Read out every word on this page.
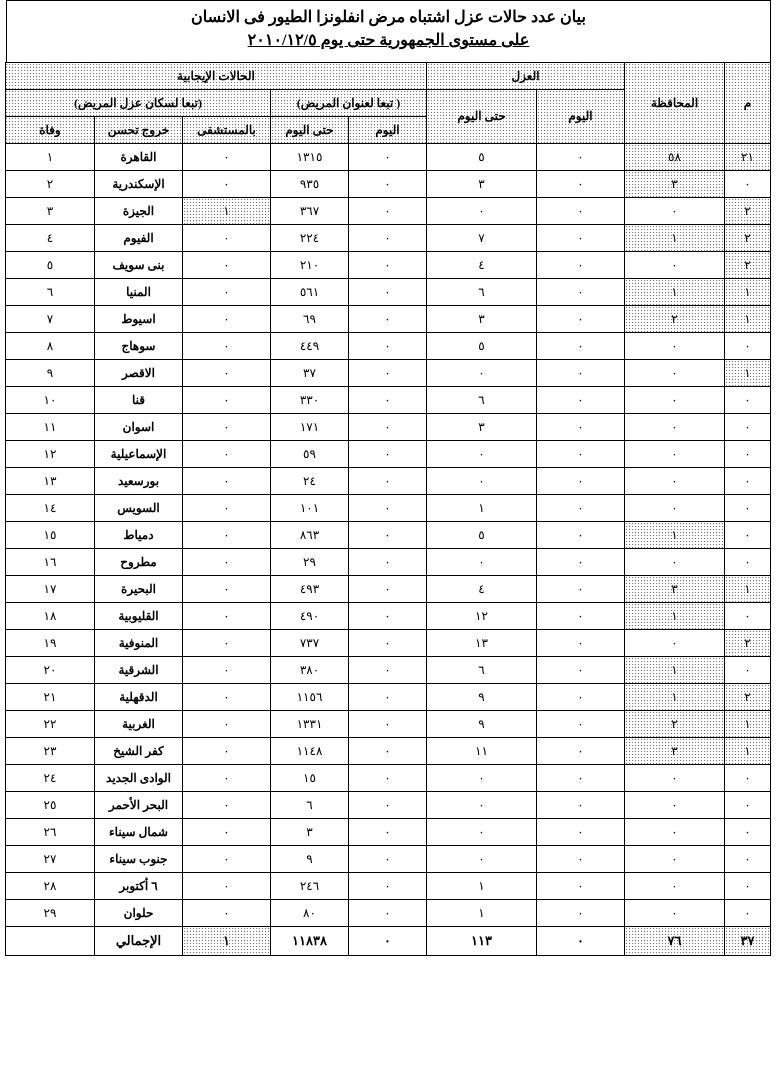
بيان عدد حالات عزل اشتباه مرض انفلونزا الطيور فى الانسان
على مستوى الجمهورية حتى يوم ٢٠١٠/١٢/٥
م	المحافظة	العزل		الحالات الإيجابية				
		اليوم	حتى اليوم	( تبعا لعنوان المريض)		(تبعا لسكان عزل المريض)		
				اليوم	حتى اليوم	بالمستشفى	خروج تحسن	وفاة
٢١	٥٨	٠	٥	٠	١٣١٥	٠	القاهرة	١
٠	٣	٠	٣	٠	٩٣٥	٠	الإسكندرية	٢
٢	٠	٠	٠	٠	٣٦٧	١	الجيزة	٣
٢	١	٠	٧	٠	٢٢٤	٠	الفيوم	٤
٢	٠	٠	٤	٠	٢١٠	٠	بنى سويف	٥
١	١	٠	٦	٠	٥٦١	٠	المنيا	٦
١	٢	٠	٣	٠	٦٩	٠	اسيوط	٧
٠	٠	٠	٥	٠	٤٤٩	٠	سوهاج	٨
١	٠	٠	٠	٠	٣٧	٠	الاقصر	٩
٠	٠	٠	٦	٠	٣٣٠	٠	قنا	١٠
٠	٠	٠	٣	٠	١٧١	٠	اسوان	١١
٠	٠	٠	٠	٠	٥٩	٠	الإسماعيلية	١٢
٠	٠	٠	٠	٠	٢٤	٠	بورسعيد	١٣
٠	٠	٠	١	٠	١٠١	٠	السويس	١٤
٠	١	٠	٥	٠	٨٦٣	٠	دمياط	١٥
٠	٠	٠	٠	٠	٢٩	٠	مطروح	١٦
١	٣	٠	٤	٠	٤٩٣	٠	البحيرة	١٧
٠	١	٠	١٢	٠	٤٩٠	٠	القليوبية	١٨
٢	٠	٠	١٣	٠	٧٣٧	٠	المنوفية	١٩
٠	١	٠	٦	٠	٣٨٠	٠	الشرقية	٢٠
٢	١	٠	٩	٠	١١٥٦	٠	الدقهلية	٢١
١	٢	٠	٩	٠	١٣٣١	٠	الغربية	٢٢
١	٣	٠	١١	٠	١١٤٨	٠	كفر الشيخ	٢٣
٠	٠	٠	٠	٠	١٥	٠	الوادى الجديد	٢٤
٠	٠	٠	٠	٠	٦	٠	البحر الأحمر	٢٥
٠	٠	٠	٠	٠	٣	٠	شمال سيناء	٢٦
٠	٠	٠	٠	٠	٩	٠	جنوب سيناء	٢٧
٠	٠	٠	١	٠	٢٤٦	٠	٦ أكتوبر	٢٨
٠	٠	٠	١	٠	٨٠	٠	حلوان	٢٩
٣٧	٧٦	٠	١١٣	٠	١١٨٣٨	١	الإجمالي	
